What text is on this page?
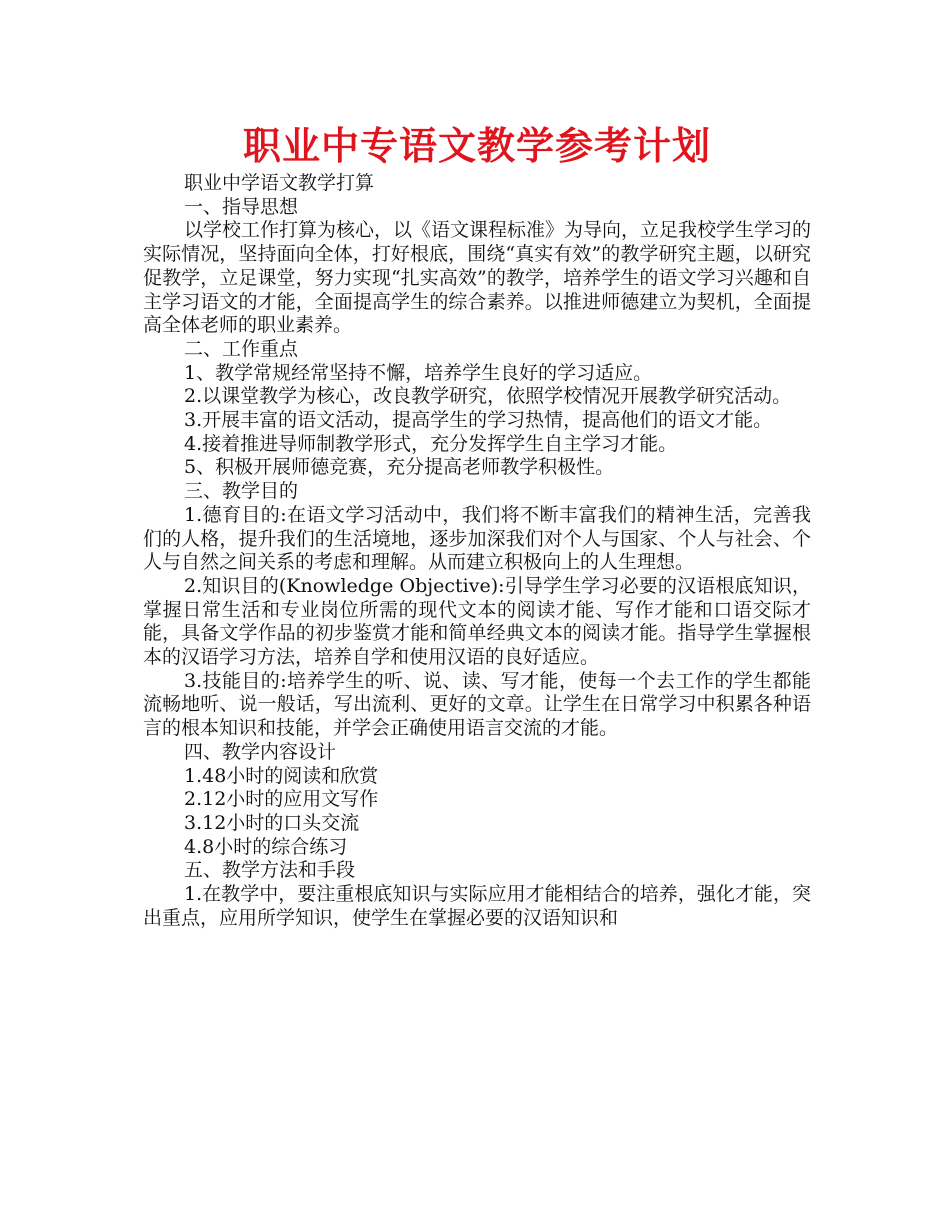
职业中专语文教学参考计划

职业中学语文教学打算

一、指导思想

以学校工作打算为核心，以《语文课程标准》为导向，立足我校学生学习的实际情况，坚持面向全体，打好根底，围绕“真实有效”的教学研究主题，以研究促教学，立足课堂，努力实现“扎实高效”的教学，培养学生的语文学习兴趣和自主学习语文的才能，全面提高学生的综合素养。以推进师德建立为契机，全面提高全体老师的职业素养。

二、工作重点

1、教学常规经常坚持不懈，培养学生良好的学习适应。

2.以课堂教学为核心，改良教学研究，依照学校情况开展教学研究活动。

3.开展丰富的语文活动，提高学生的学习热情，提高他们的语文才能。

4.接着推进导师制教学形式，充分发挥学生自主学习才能。

5、积极开展师德竞赛，充分提高老师教学积极性。

三、教学目的

1.德育目的:在语文学习活动中，我们将不断丰富我们的精神生活，完善我们的人格，提升我们的生活境地，逐步加深我们对个人与国家、个人与社会、个人与自然之间关系的考虑和理解。从而建立积极向上的人生理想。

2.知识目的(Knowledge Objective):引导学生学习必要的汉语根底知识，掌握日常生活和专业岗位所需的现代文本的阅读才能、写作才能和口语交际才能，具备文学作品的初步鉴赏才能和简单经典文本的阅读才能。指导学生掌握根本的汉语学习方法，培养自学和使用汉语的良好适应。

3.技能目的:培养学生的听、说、读、写才能，使每一个去工作的学生都能流畅地听、说一般话，写出流利、更好的文章。让学生在日常学习中积累各种语言的根本知识和技能，并学会正确使用语言交流的才能。

四、教学内容设计

1.48小时的阅读和欣赏

2.12小时的应用文写作

3.12小时的口头交流

4.8小时的综合练习

五、教学方法和手段

1.在教学中，要注重根底知识与实际应用才能相结合的培养，强化才能，突出重点，应用所学知识，使学生在掌握必要的汉语知识和
